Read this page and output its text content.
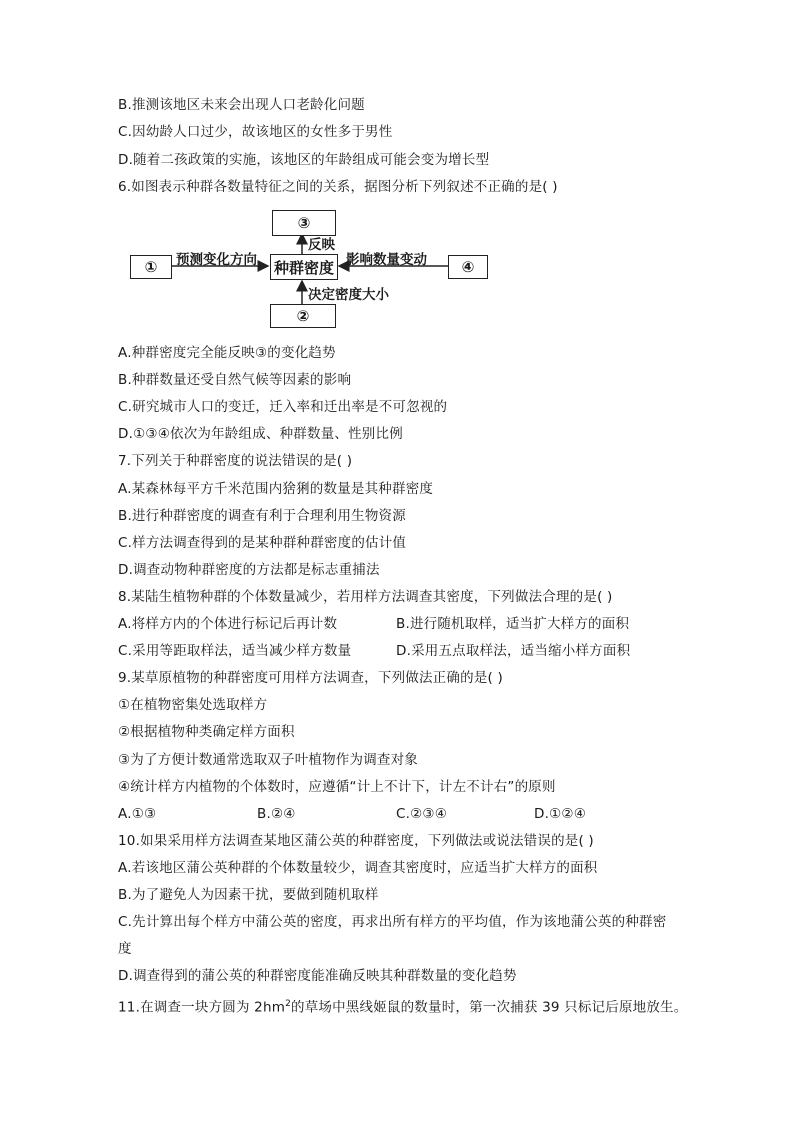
B.推测该地区未来会出现人口老龄化问题
C.因幼龄人口过少，故该地区的女性多于男性
D.随着二孩政策的实施，该地区的年龄组成可能会变为增长型
6.如图表示种群各数量特征之间的关系，据图分析下列叙述不正确的是( )
③
①	种群密度	④
②
预测变化方向	影响数量变动
反映
决定密度大小
A.种群密度完全能反映③的变化趋势
B.种群数量还受自然气候等因素的影响
C.研究城市人口的变迁，迁入率和迁出率是不可忽视的
D.①③④依次为年龄组成、种群数量、性别比例
7.下列关于种群密度的说法错误的是( )
A.某森林每平方千米范围内猞猁的数量是其种群密度
B.进行种群密度的调查有利于合理利用生物资源
C.样方法调查得到的是某种群种群密度的估计值
D.调查动物种群密度的方法都是标志重捕法
8.某陆生植物种群的个体数量减少，若用样方法调查其密度，下列做法合理的是( )
A.将样方内的个体进行标记后再计数	B.进行随机取样，适当扩大样方的面积
C.采用等距取样法，适当减少样方数量	D.采用五点取样法，适当缩小样方面积
9.某草原植物的种群密度可用样方法调查，下列做法正确的是( )
①在植物密集处选取样方
②根据植物种类确定样方面积
③为了方便计数通常选取双子叶植物作为调查对象
④统计样方内植物的个体数时，应遵循“计上不计下，计左不计右”的原则
A.①③	B.②④	C.②③④	D.①②④
10.如果采用样方法调查某地区蒲公英的种群密度，下列做法或说法错误的是( )
A.若该地区蒲公英种群的个体数量较少，调查其密度时，应适当扩大样方的面积
B.为了避免人为因素干扰，要做到随机取样
C.先计算出每个样方中蒲公英的密度，再求出所有样方的平均值，作为该地蒲公英的种群密
度
D.调查得到的蒲公英的种群密度能准确反映其种群数量的变化趋势
11.在调查一块方圆为 $2hm^2$的草场中黑线姬鼠的数量时，第一次捕获 39 只标记后原地放生。
